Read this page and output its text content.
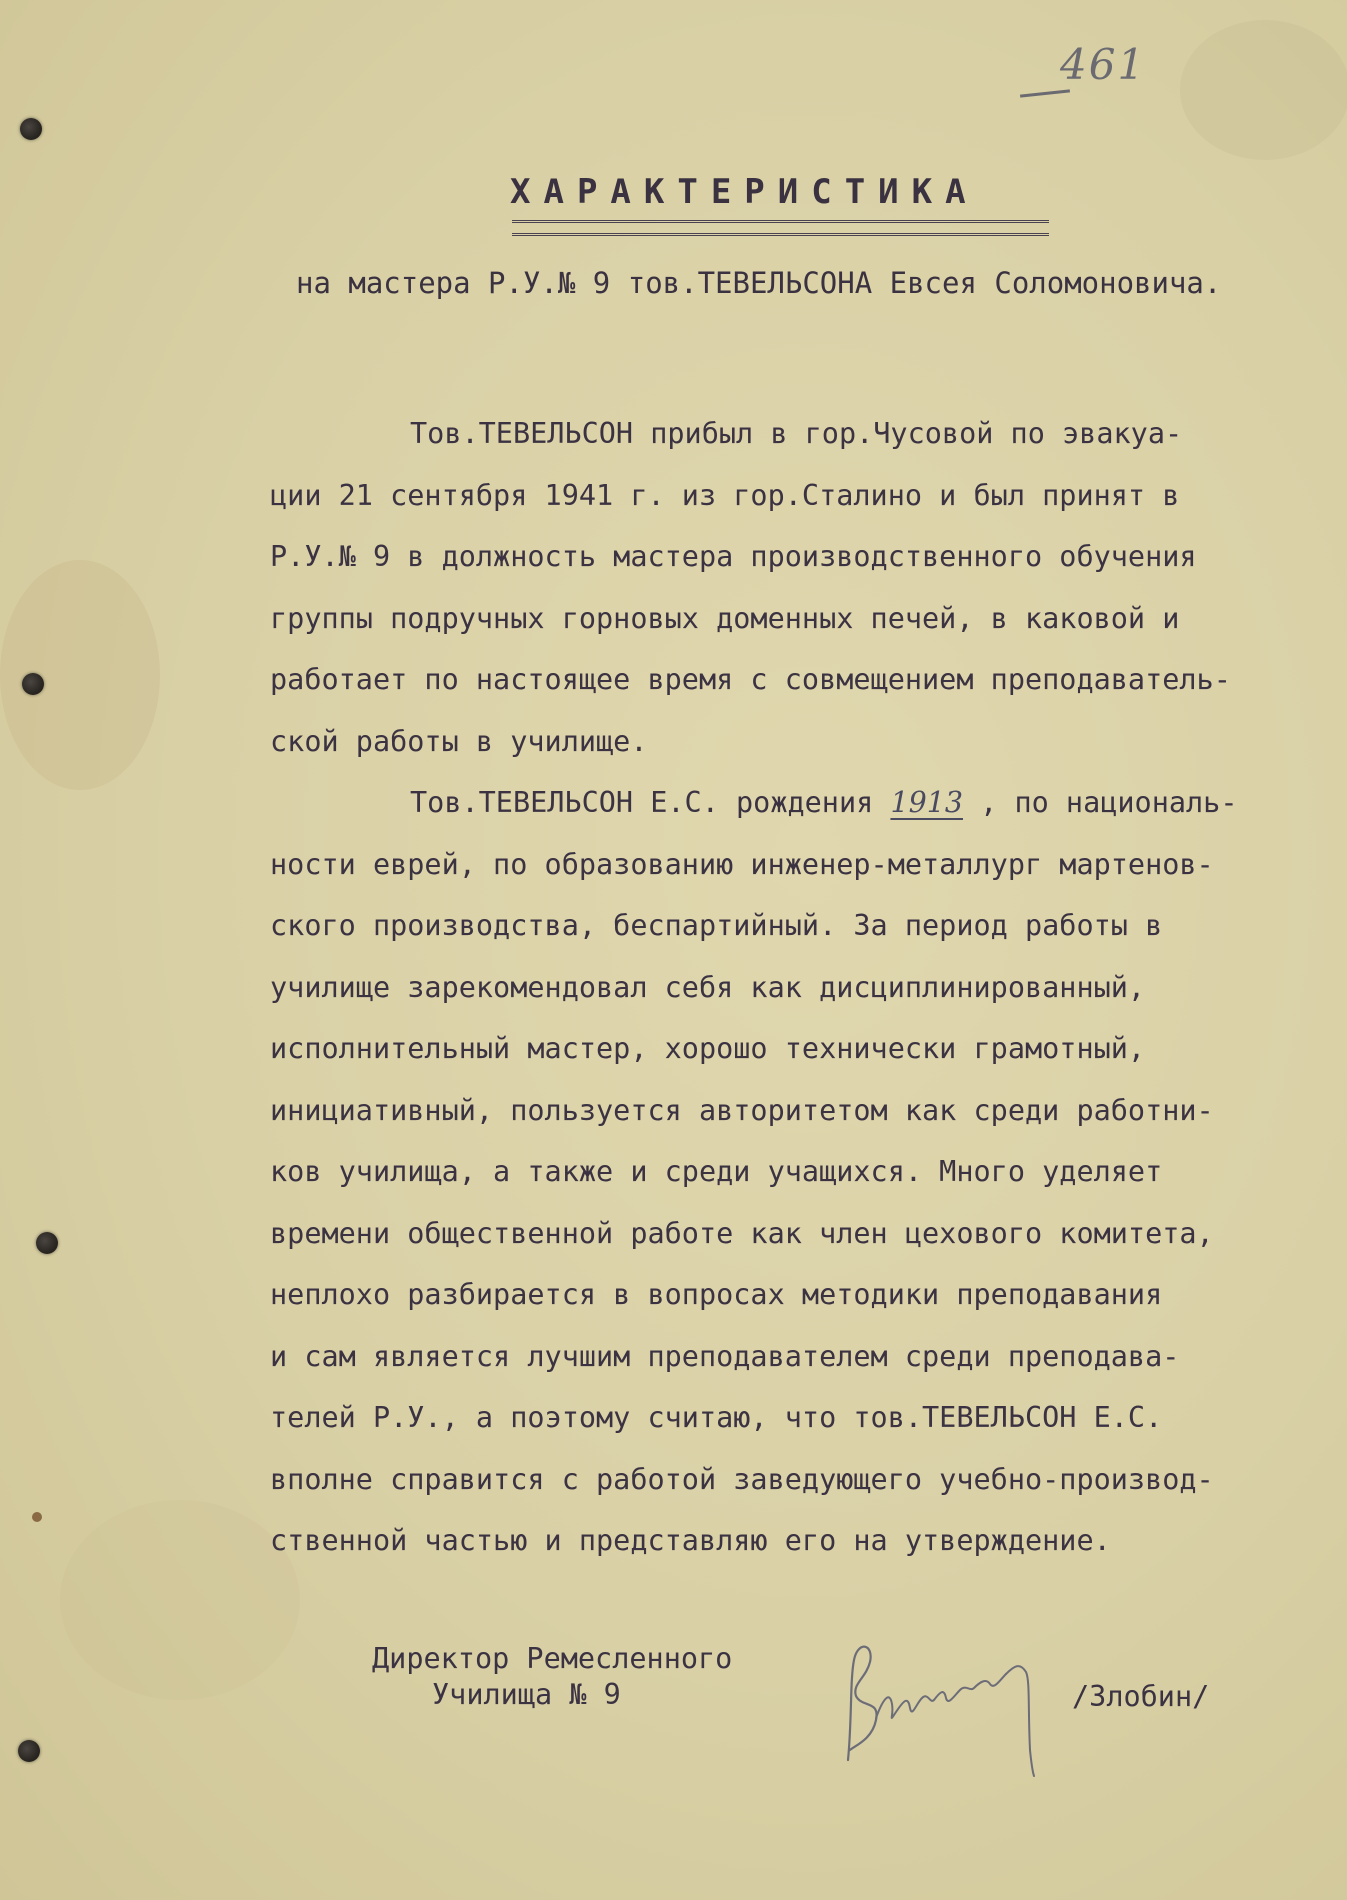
461
ХАРАКТЕРИСТИКА
на мастера Р.У.№ 9 тов.ТЕВЕЛЬСОНА Евсея Соломоновича.
Тов.ТЕВЕЛЬСОН прибыл в гор.Чусовой по эвакуа-
ции 21 сентября 1941 г. из гор.Сталино и был принят в
Р.У.№ 9 в должность мастера производственного обучения
группы подручных горновых доменных печей, в каковой и
работает по настоящее время с совмещением преподаватель-
ской работы в училище.
Тов.ТЕВЕЛЬСОН Е.С. рождения 1913 , по националь-
ности еврей, по образованию инженер-металлург мартенов-
ского производства, беспартийный. За период работы в
училище зарекомендовал себя как дисциплинированный,
исполнительный мастер, хорошо технически грамотный,
инициативный, пользуется авторитетом как среди работни-
ков училища, а также и среди учащихся. Много уделяет
времени общественной работе как член цехового комитета,
неплохо разбирается в вопросах методики преподавания
и сам является лучшим преподавателем среди преподава-
телей Р.У., а поэтому считаю, что тов.ТЕВЕЛЬСОН Е.С.
вполне справится с работой заведующего учебно-производ-
ственной частью и представляю его на утверждение.
Директор Ремесленного
Училища № 9	/Злобин/
